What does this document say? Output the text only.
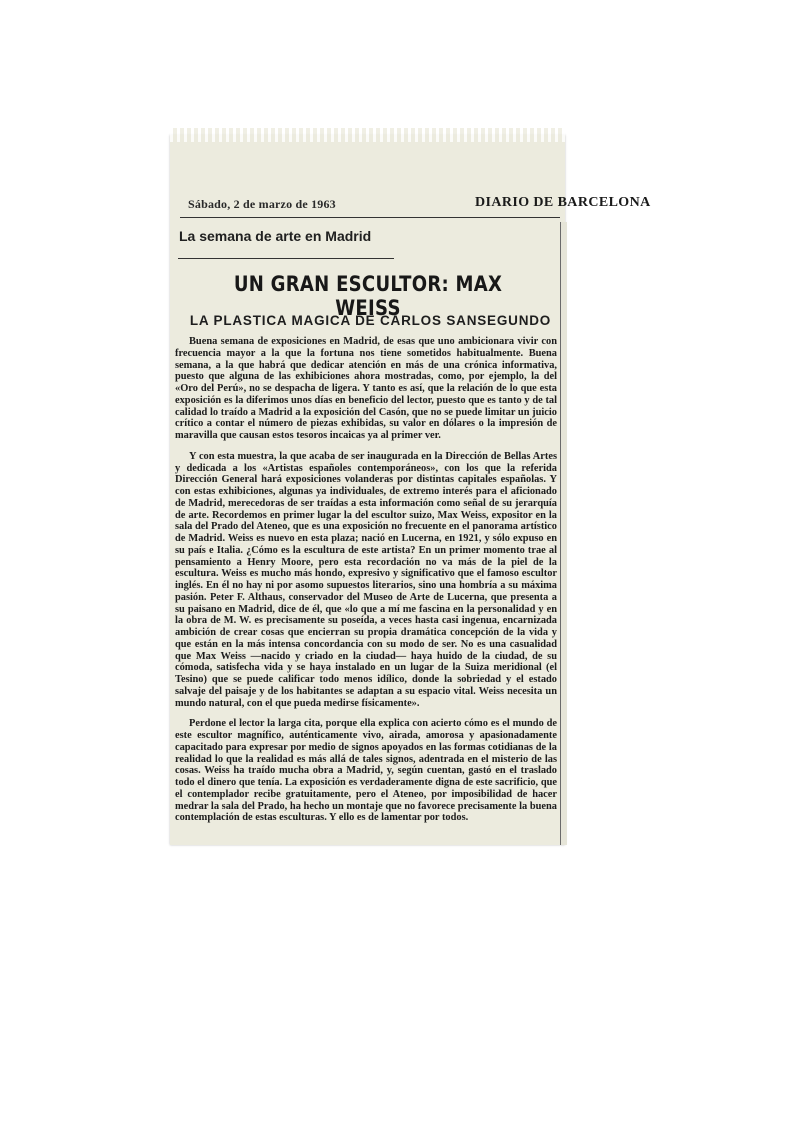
Sábado, 2 de marzo de 1963	DIARIO DE BARCELONA
La semana de arte en Madrid
UN GRAN ESCULTOR: MAX WEISS
LA PLASTICA MAGICA DE CARLOS SANSEGUNDO

Buena semana de exposiciones en Madrid, de esas que uno ambicionara vivir con frecuencia mayor a la que la fortuna nos tiene sometidos habitualmente. Buena semana, a la que habrá que dedicar atención en más de una crónica informativa, puesto que alguna de las exhibiciones ahora mostradas, como, por ejemplo, la del «Oro del Perú», no se despacha de ligera. Y tanto es así, que la relación de lo que esta exposición es la diferimos unos días en beneficio del lector, puesto que es tanto y de tal calidad lo traído a Madrid a la exposición del Casón, que no se puede limitar un juicio crítico a contar el número de piezas exhibidas, su valor en dólares o la impresión de maravilla que causan estos tesoros incaicas ya al primer ver.

Y con esta muestra, la que acaba de ser inaugurada en la Dirección de Bellas Artes y dedicada a los «Artistas españoles contemporáneos», con los que la referida Dirección General hará exposiciones volanderas por distintas capitales españolas. Y con estas exhibiciones, algunas ya individuales, de extremo interés para el aficionado de Madrid, merecedoras de ser traídas a esta información como señal de su jerarquía de arte. Recordemos en primer lugar la del escultor suizo, Max Weiss, expositor en la sala del Prado del Ateneo, que es una exposición no frecuente en el panorama artístico de Madrid. Weiss es nuevo en esta plaza; nació en Lucerna, en 1921, y sólo expuso en su país e Italia. ¿Cómo es la escultura de este artista? En un primer momento trae al pensamiento a Henry Moore, pero esta recordación no va más de la piel de la escultura. Weiss es mucho más hondo, expresivo y significativo que el famoso escultor inglés. En él no hay ni por asomo supuestos literarios, sino una hombría a su máxima pasión. Peter F. Althaus, conservador del Museo de Arte de Lucerna, que presenta a su paisano en Madrid, dice de él, que «lo que a mí me fascina en la personalidad y en la obra de M. W. es precisamente su poseída, a veces hasta casi ingenua, encarnizada ambición de crear cosas que encierran su propia dramática concepción de la vida y que están en la más intensa concordancia con su modo de ser. No es una casualidad que Max Weiss —nacido y criado en la ciudad— haya huido de la ciudad, de su cómoda, satisfecha vida y se haya instalado en un lugar de la Suiza meridional (el Tesino) que se puede calificar todo menos idílico, donde la sobriedad y el estado salvaje del paisaje y de los habitantes se adaptan a su espacio vital. Weiss necesita un mundo natural, con el que pueda medirse físicamente».

Perdone el lector la larga cita, porque ella explica con acierto cómo es el mundo de este escultor magnífico, auténticamente vivo, airada, amorosa y apasionadamente capacitado para expresar por medio de signos apoyados en las formas cotidianas de la realidad lo que la realidad es más allá de tales signos, adentrada en el misterio de las cosas. Weiss ha traído mucha obra a Madrid, y, según cuentan, gastó en el traslado todo el dinero que tenía. La exposición es verdaderamente digna de este sacrificio, que el contemplador recibe gratuitamente, pero el Ateneo, por imposibilidad de hacer medrar la sala del Prado, ha hecho un montaje que no favorece precisamente la buena contemplación de estas esculturas. Y ello es de lamentar por todos.
